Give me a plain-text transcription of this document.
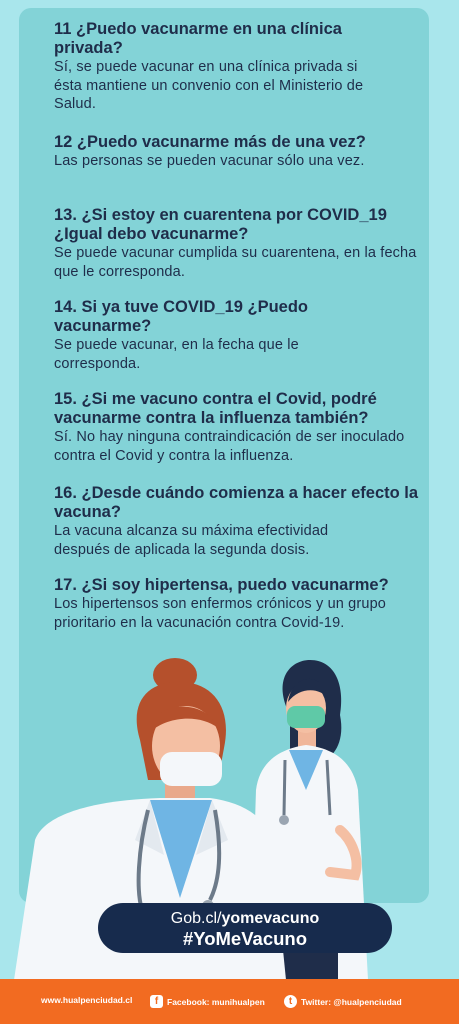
11 ¿Puedo vacunarme en una clínica privada?

Sí, se puede vacunar en una clínica privada si ésta mantiene un convenio con el Ministerio de Salud.

12 ¿Puedo vacunarme más de una vez?

Las personas se pueden vacunar sólo una vez.

13. ¿Si estoy en cuarentena por COVID_19 ¿Igual debo vacunarme?

Se puede vacunar cumplida su cuarentena, en la fecha que le corresponda.

14. Si ya tuve COVID_19 ¿Puedo vacunarme?

Se puede vacunar, en la fecha que le corresponda.

15. ¿Si me vacuno contra el Covid, podré vacunarme contra la influenza también?

Sí. No hay ninguna contraindicación de ser inoculado contra el Covid y contra la influenza.

16. ¿Desde cuándo comienza a hacer efecto la vacuna?

La vacuna alcanza su máxima efectividad después de aplicada la segunda dosis.

17. ¿Si soy hipertensa, puedo vacunarme?

Los hipertensos son enfermos crónicos y un grupo prioritario en la vacunación contra Covid-19.

Gob.cl/yomevacuno
#YoMeVacuno
www.hualpenciudad.cl	f	Facebook: munihualpen	t	Twitter: @hualpenciudad
